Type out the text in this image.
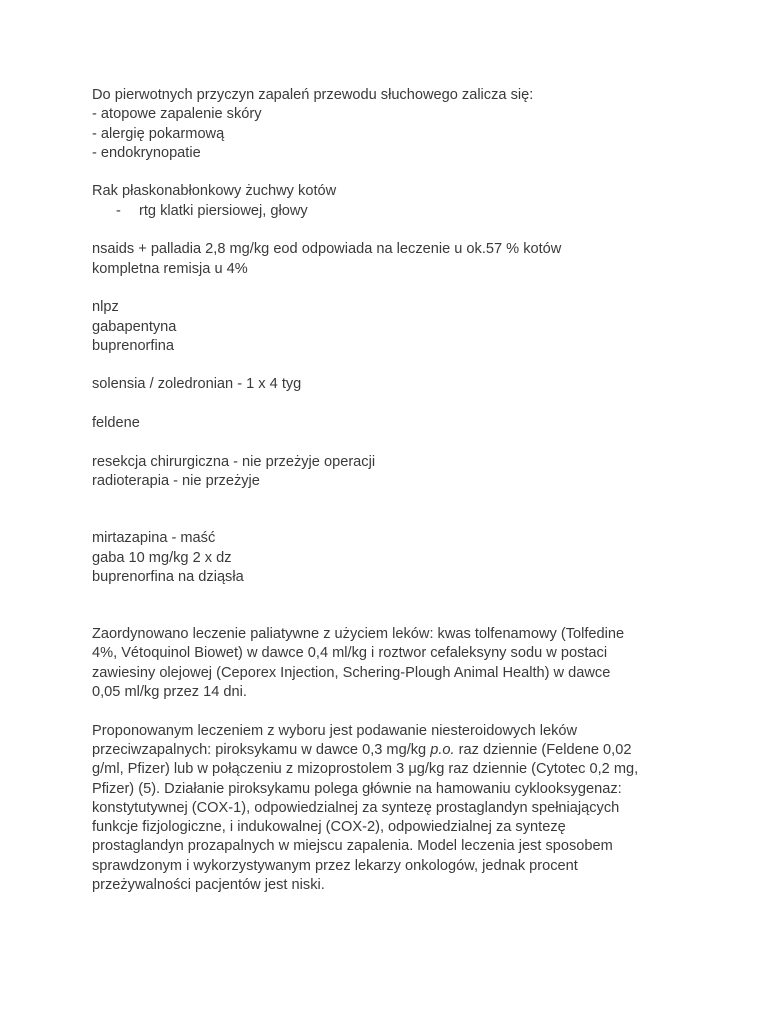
Do pierwotnych przyczyn zapaleń przewodu słuchowego zalicza się:
- atopowe zapalenie skóry
- alergię pokarmową
- endokrynopatie
Rak płaskonabłonkowy żuchwy kotów
- rtg klatki piersiowej, głowy
nsaids + palladia 2,8 mg/kg eod odpowiada na leczenie u ok.57 % kotów
kompletna remisja u 4%
nlpz
gabapentyna
buprenorfina
solensia / zoledronian - 1 x 4 tyg
feldene
resekcja chirurgiczna - nie przeżyje operacji
radioterapia - nie przeżyje
mirtazapina - maść
gaba 10 mg/kg 2 x dz
buprenorfina na dziąsła
Zaordynowano leczenie paliatywne z użyciem leków: kwas tolfenamowy (Tolfedine
4%, Vétoquinol Biowet) w dawce 0,4 ml/kg i roztwor cefaleksyny sodu w postaci
zawiesiny olejowej (Ceporex Injection, Schering-Plough Animal Health) w dawce
0,05 ml/kg przez 14 dni.
Proponowanym leczeniem z wyboru jest podawanie niesteroidowych leków
przeciwzapalnych: piroksykamu w dawce 0,3 mg/kg p.o. raz dziennie (Feldene 0,02
g/ml, Pfizer) lub w połączeniu z mizoprostolem 3 μg/kg raz dziennie (Cytotec 0,2 mg,
Pfizer) (5). Działanie piroksykamu polega głównie na hamowaniu cyklooksygenaz:
konstytutywnej (COX-1), odpowiedzialnej za syntezę prostaglandyn spełniających
funkcje fizjologiczne, i indukowalnej (COX-2), odpowiedzialnej za syntezę
prostaglandyn prozapalnych w miejscu zapalenia. Model leczenia jest sposobem
sprawdzonym i wykorzystywanym przez lekarzy onkologów, jednak procent
przeżywalności pacjentów jest niski.
